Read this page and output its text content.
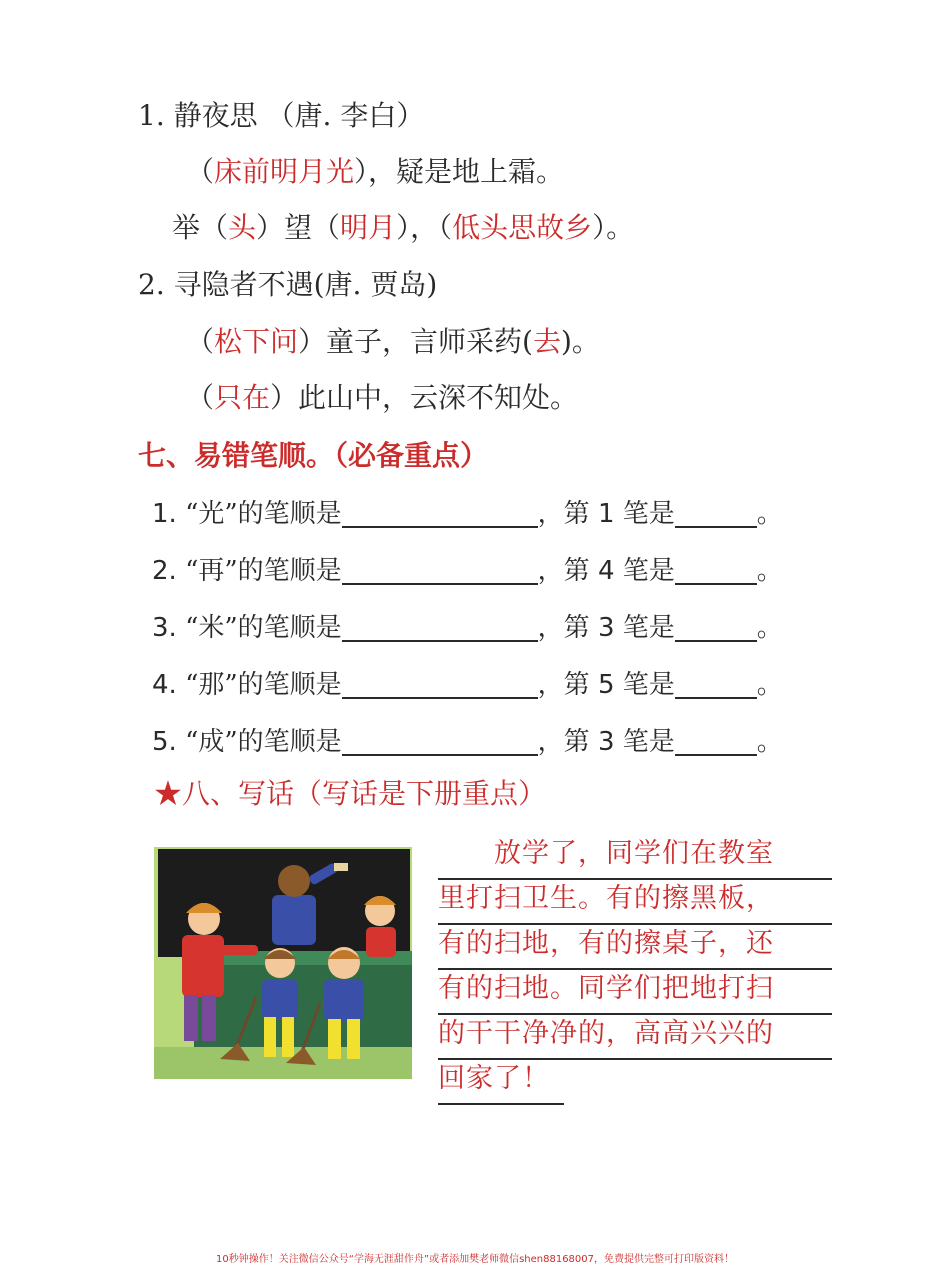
1. 静夜思 （唐. 李白）
（床前明月光），疑是地上霜。
举（头）望（明月），（低头思故乡）。
2. 寻隐者不遇(唐. 贾岛)
（松下问）童子，言师采药(去)。
（只在）此山中，云深不知处。
七、易错笔顺。（必备重点）
1. “光”的笔顺是	，第 1 笔是	。
2. “再”的笔顺是	，第 4 笔是	。
3. “米”的笔顺是	，第 3 笔是	。
4. “那”的笔顺是	，第 5 笔是	。
5. “成”的笔顺是	，第 3 笔是	。
★八、写话（写话是下册重点）
　　放学了，同学们在教室
里打扫卫生。有的擦黑板，
有的扫地，有的擦桌子，还
有的扫地。同学们把地打扫
的干干净净的，高高兴兴的
回家了！
10秒钟操作！关注微信公众号“学海无涯甜作舟”或者添加樊老师微信shen88168007，免费提供完整可打印版资料！
